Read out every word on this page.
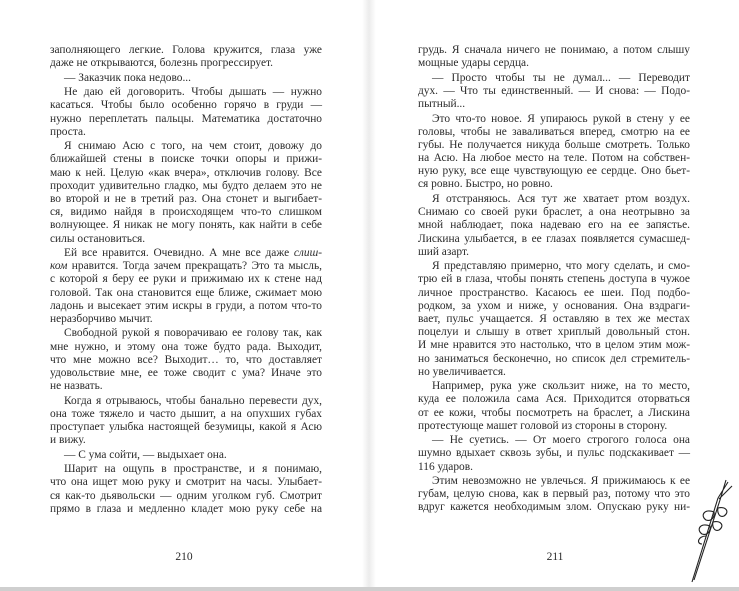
заполняющего легкие. Голова кружится, глаза уже
даже не открываются, болезнь прогрессирует.
— Заказчик пока недово...
Не даю ей договорить. Чтобы дышать — нужно
касаться. Чтобы было особенно горячо в груди —
нужно переплетать пальцы. Математика достаточно
проста.
Я снимаю Асю с того, на чем стоит, довожу до
ближайшей стены в поиске точки опоры и прижи-
маю к ней. Целую «как вчера», отключив голову. Все
проходит удивительно гладко, мы будто делаем это не
во второй и не в третий раз. Она стонет и выгибает-
ся, видимо найдя в происходящем что-то слишком
волнующее. Я никак не могу понять, как найти в себе
силы остановиться.
Ей все нравится. Очевидно. А мне все даже слиш-
ком нравится. Тогда зачем прекращать? Это та мысль,
с которой я беру ее руки и прижимаю их к стене над
головой. Так она становится еще ближе, сжимает мою
ладонь и высекает этим искры в груди, а потом что-то
неразборчиво мычит.
Свободной рукой я поворачиваю ее голову так, как
мне нужно, и этому она тоже будто рада. Выходит,
что мне можно все? Выходит… то, что доставляет
удовольствие мне, ее тоже сводит с ума? Иначе это
не назвать.
Когда я отрываюсь, чтобы банально перевести дух,
она тоже тяжело и часто дышит, а на опухших губах
проступает улыбка настоящей безумицы, какой я Асю
и вижу.
— С ума сойти, — выдыхает она.
Шарит на ощупь в пространстве, и я понимаю,
что она ищет мою руку и смотрит на часы. Улыбает-
ся как-то дьявольски — одним уголком губ. Смотрит
прямо в глаза и медленно кладет мою руку себе на
210
грудь. Я сначала ничего не понимаю, а потом слышу
мощные удары сердца.
— Просто чтобы ты не думал... — Переводит
дух. — Что ты единственный. — И снова: — Подо-
пытный...
Это что-то новое. Я упираюсь рукой в стену у ее
головы, чтобы не заваливаться вперед, смотрю на ее
губы. Не получается никуда больше смотреть. Только
на Асю. На любое место на теле. Потом на собствен-
ную руку, все еще чувствующую ее сердце. Оно бьет-
ся ровно. Быстро, но ровно.
Я отстраняюсь. Ася тут же хватает ртом воздух.
Снимаю со своей руки браслет, а она неотрывно за
мной наблюдает, пока надеваю его на ее запястье.
Лискина улыбается, в ее глазах появляется сумасшед-
ший азарт.
Я представляю примерно, что могу сделать, и смо-
трю ей в глаза, чтобы понять степень доступа в чужое
личное пространство. Касаюсь ее шеи. Под подбо-
родком, за ухом и ниже, у основания. Она вздраги-
вает, пульс учащается. Я оставляю в тех же местах
поцелуи и слышу в ответ хриплый довольный стон.
И мне нравится это настолько, что в целом этим мож-
но заниматься бесконечно, но список дел стремитель-
но увеличивается.
Например, рука уже скользит ниже, на то место,
куда ее положила сама Ася. Приходится оторваться
от ее кожи, чтобы посмотреть на браслет, а Лискина
протестующе машет головой из стороны в сторону.
— Не суетись. — От моего строгого голоса она
шумно вдыхает сквозь зубы, и пульс подскакивает —
116 ударов.
Этим невозможно не увлечься. Я прижимаюсь к ее
губам, целую снова, как в первый раз, потому что это
вдруг кажется необходимым злом. Опускаю руку ни-
211
